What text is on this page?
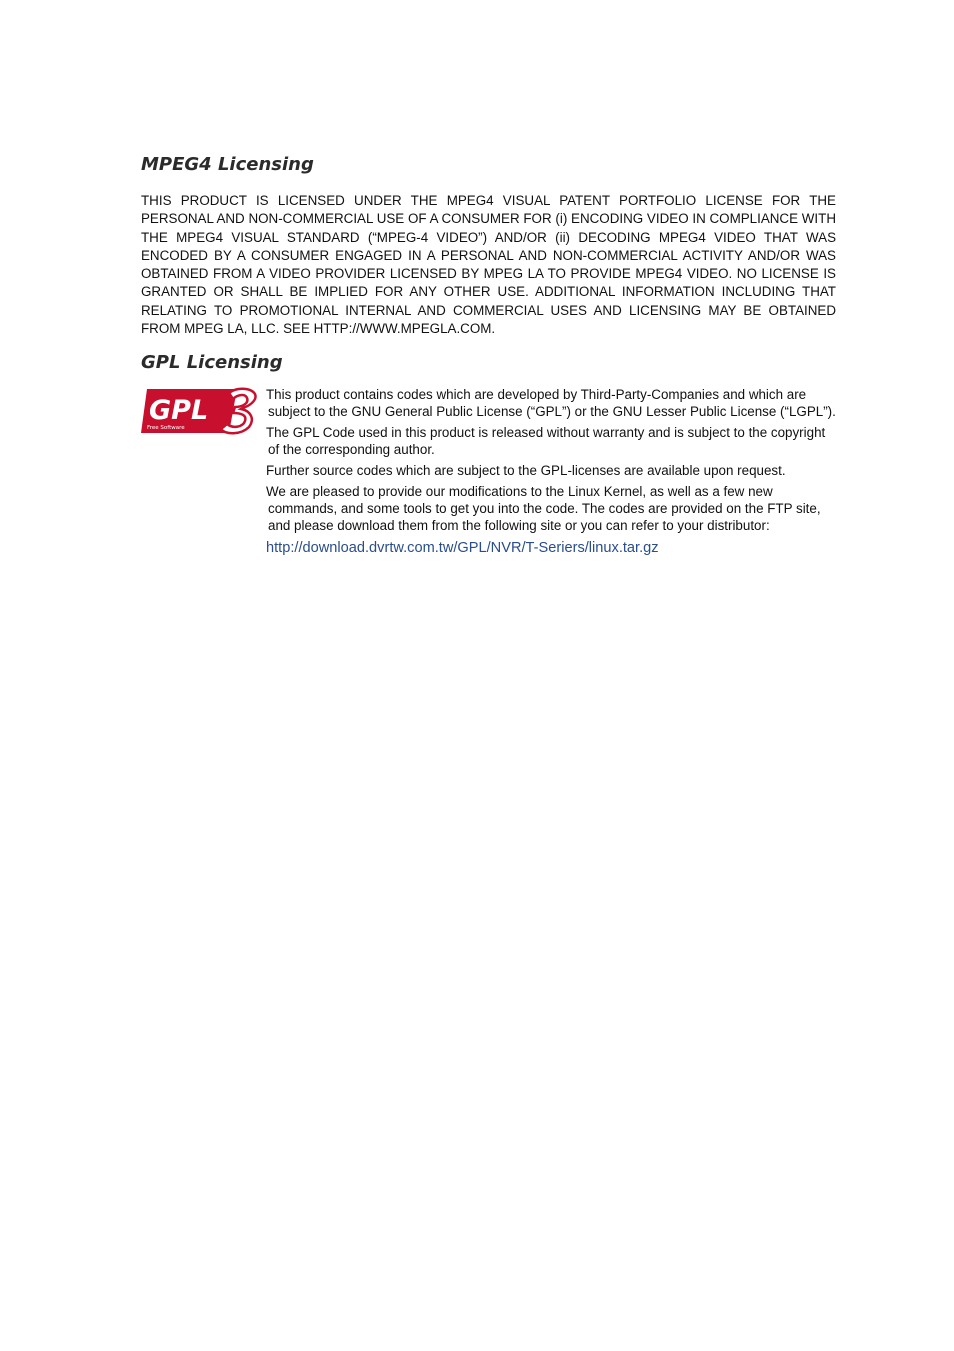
MPEG4 Licensing

THIS PRODUCT IS LICENSED UNDER THE MPEG4 VISUAL PATENT PORTFOLIO LICENSE FOR THE PERSONAL AND NON-COMMERCIAL USE OF A CONSUMER FOR (i) ENCODING VIDEO IN COMPLIANCE WITH THE MPEG4 VISUAL STANDARD (“MPEG-4 VIDEO”) AND/OR (ii) DECODING MPEG4 VIDEO THAT WAS ENCODED BY A CONSUMER ENGAGED IN A PERSONAL AND NON-COMMERCIAL ACTIVITY AND/OR WAS OBTAINED FROM A VIDEO PROVIDER LICENSED BY MPEG LA TO PROVIDE MPEG4 VIDEO. NO LICENSE IS GRANTED OR SHALL BE IMPLIED FOR ANY OTHER USE. ADDITIONAL INFORMATION INCLUDING THAT RELATING TO PROMOTIONAL INTERNAL AND COMMERCIAL USES AND LICENSING MAY BE OBTAINED FROM MPEG LA, LLC. SEE HTTP://WWW.MPEGLA.COM.

GPL Licensing
GPL
Free Software

This product contains codes which are developed by Third-Party-Companies and which are subject to the GNU General Public License (“GPL”) or the GNU Lesser Public License (“LGPL”).

The GPL Code used in this product is released without warranty and is subject to the copyright of the corresponding author.

Further source codes which are subject to the GPL-licenses are available upon request.

We are pleased to provide our modifications to the Linux Kernel, as well as a few new commands, and some tools to get you into the code. The codes are provided on the FTP site, and please download them from the following site or you can refer to your distributor:

http://download.dvrtw.com.tw/GPL/NVR/T-Seriers/linux.tar.gz
